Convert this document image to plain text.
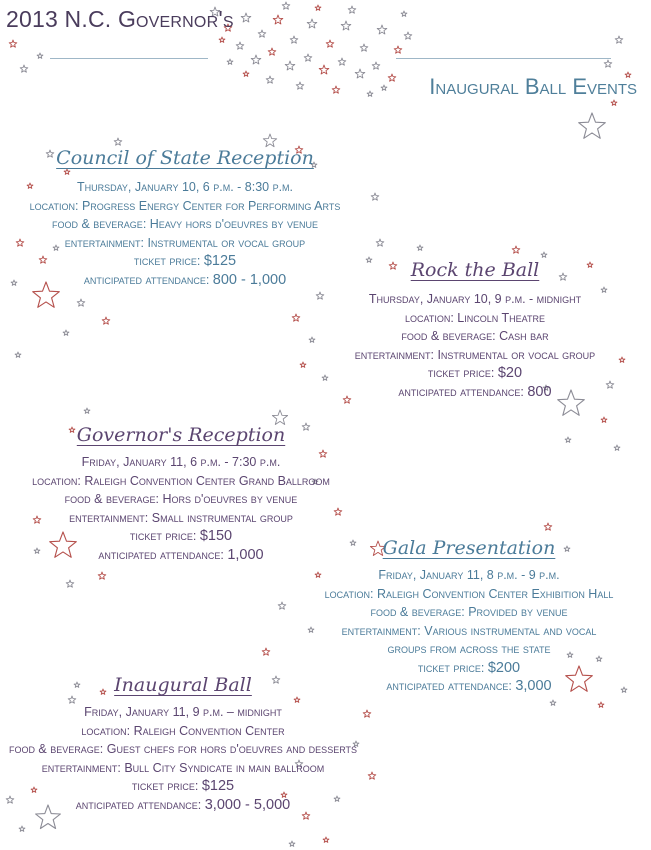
2013 N.C. Governor's
Inaugural Ball Events
Council of State Reception
Thursday, January 10, 6 p.m. - 8:30 p.m.
location: Progress Energy Center for Performing Arts
food & beverage: Heavy hors d'oeuvres by venue
entertainment: Instrumental or vocal group
ticket price: $125
anticipated attendance: 800 - 1,000	Rock the Ball
Thursday, January 10, 9 p.m. - midnight
location: Lincoln Theatre
food & beverage: Cash bar
entertainment: Instrumental or vocal group
ticket price: $20
anticipated attendance: 800
Governor's Reception
Friday, January 11, 6 p.m. - 7:30 p.m.
location: Raleigh Convention Center Grand Ballroom
food & beverage: Hors d'oeuvres by venue
entertainment: Small instrumental group
ticket price: $150
anticipated attendance: 1,000	Gala Presentation
Friday, January 11, 8 p.m. - 9 p.m.
location: Raleigh Convention Center Exhibition Hall
food & beverage: Provided by venue
entertainment: Various instrumental and vocal
groups from across the state
ticket price: $200
anticipated attendance: 3,000
Inaugural Ball
Friday, January 11, 9 p.m. – midnight
location: Raleigh Convention Center
food & beverage: Guest chefs for hors d'oeuvres and desserts
entertainment: Bull City Syndicate in main ballroom
ticket price: $125
anticipated attendance: 3,000 - 5,000
